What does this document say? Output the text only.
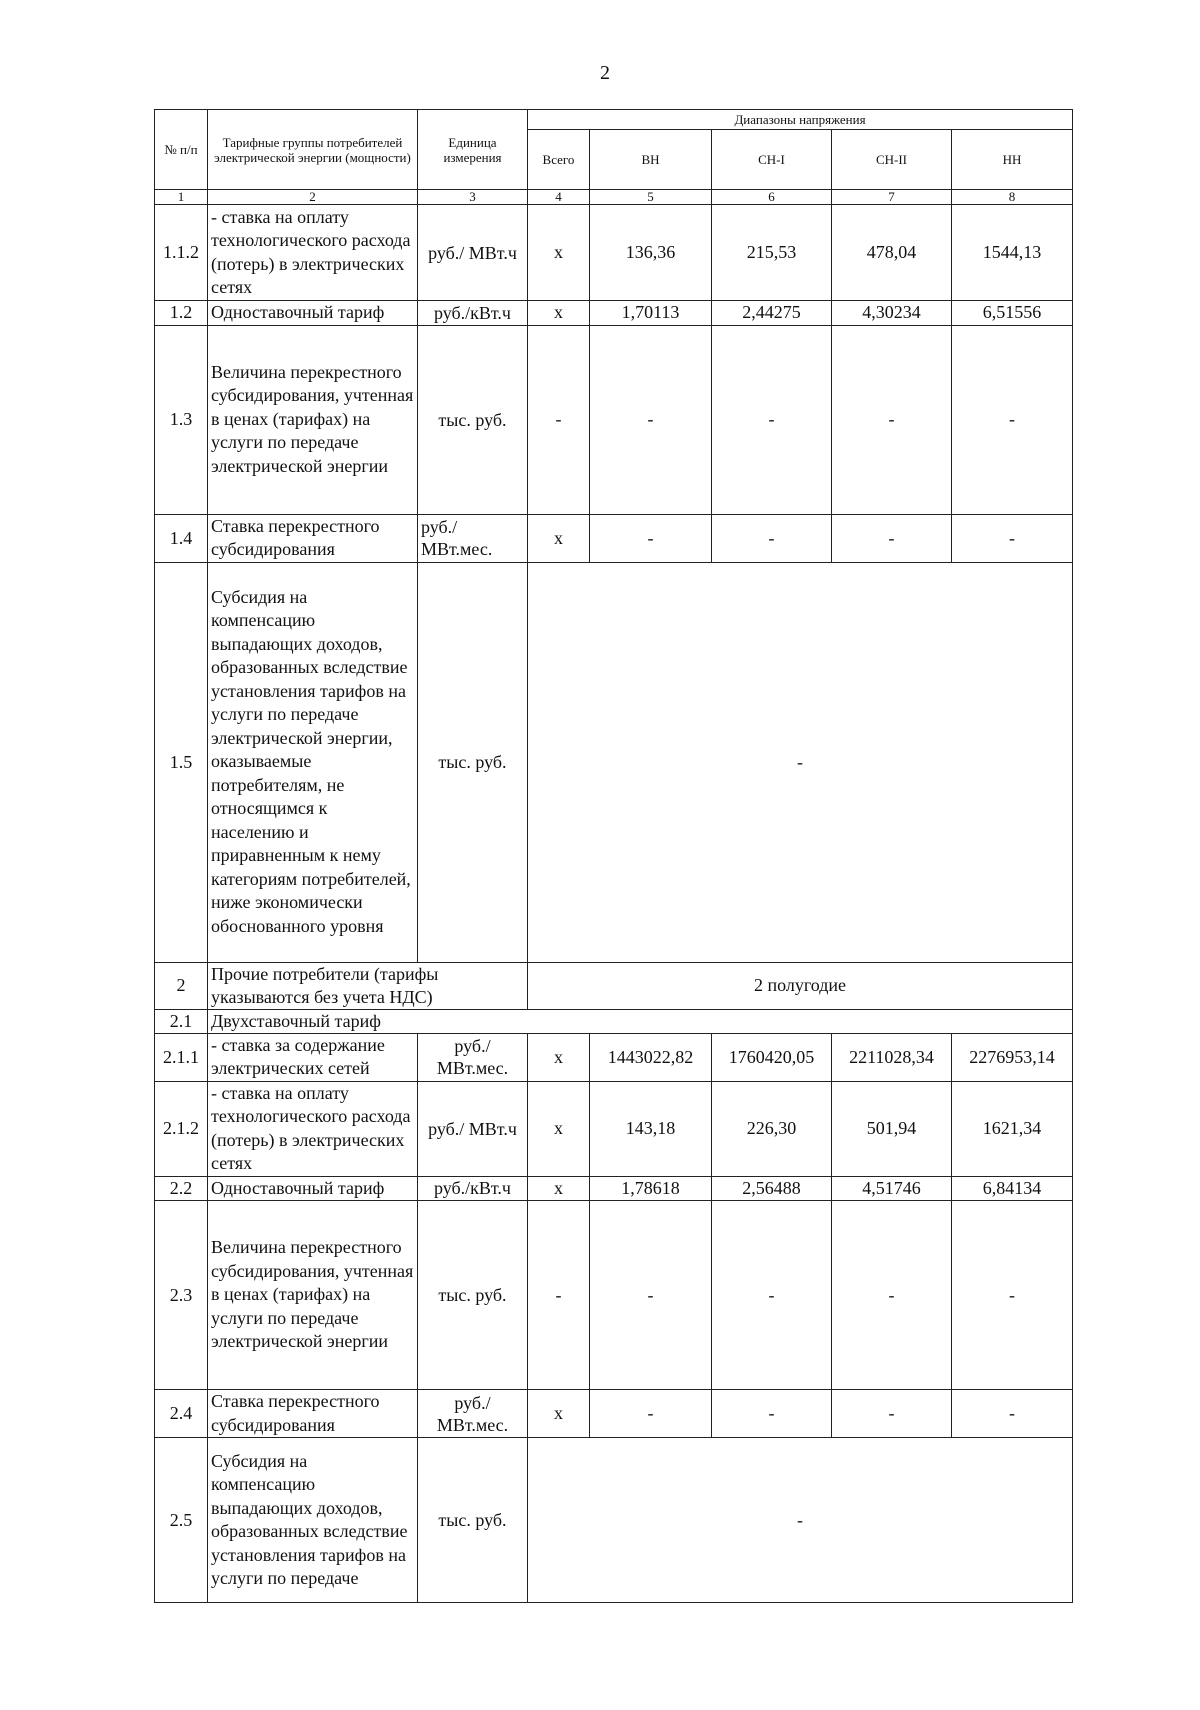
2
№ п/п	Тарифные группы потребителей электрической энергии (мощности)	Единица измерения	Диапазоны напряжения				
			Всего	ВН	СН-I	СН-II	НН
1	2	3	4	5	6	7	8
1.1.2	- ставка на оплату технологического расхода (потерь) в электрических сетях	руб./ МВт.ч	х	136,36	215,53	478,04	1544,13
1.2	Одноставочный тариф	руб./кВт.ч	х	1,70113	2,44275	4,30234	6,51556
1.3	Величина перекрестного субсидирования, учтенная в ценах (тарифах) на услуги по передаче электрической энергии	тыс. руб.	-	-	-	-	-
1.4	Ставка перекрестного субсидирования	руб./ МВт.мес.	х	-	-	-	-
1.5	Субсидия на компенсацию выпадающих доходов, образованных вследствие установления тарифов на услуги по передаче электрической энергии, оказываемые потребителям, не относящимся к населению и приравненным к нему категориям потребителей, ниже экономически обоснованного уровня	тыс. руб.	-				
2	Прочие потребители (тарифы указываются без учета НДС)		2 полугодие				
2.1	Двухставочный тариф						
2.1.1	- ставка за содержание электрических сетей	руб./ МВт.мес.	х	1443022,82	1760420,05	2211028,34	2276953,14
2.1.2	- ставка на оплату технологического расхода (потерь) в электрических сетях	руб./ МВт.ч	х	143,18	226,30	501,94	1621,34
2.2	Одноставочный тариф	руб./кВт.ч	х	1,78618	2,56488	4,51746	6,84134
2.3	Величина перекрестного субсидирования, учтенная в ценах (тарифах) на услуги по передаче электрической энергии	тыс. руб.	-	-	-	-	-
2.4	Ставка перекрестного субсидирования	руб./ МВт.мес.	х	-	-	-	-
2.5	Субсидия на компенсацию выпадающих доходов, образованных вследствие установления тарифов на услуги по передаче	тыс. руб.	-				
